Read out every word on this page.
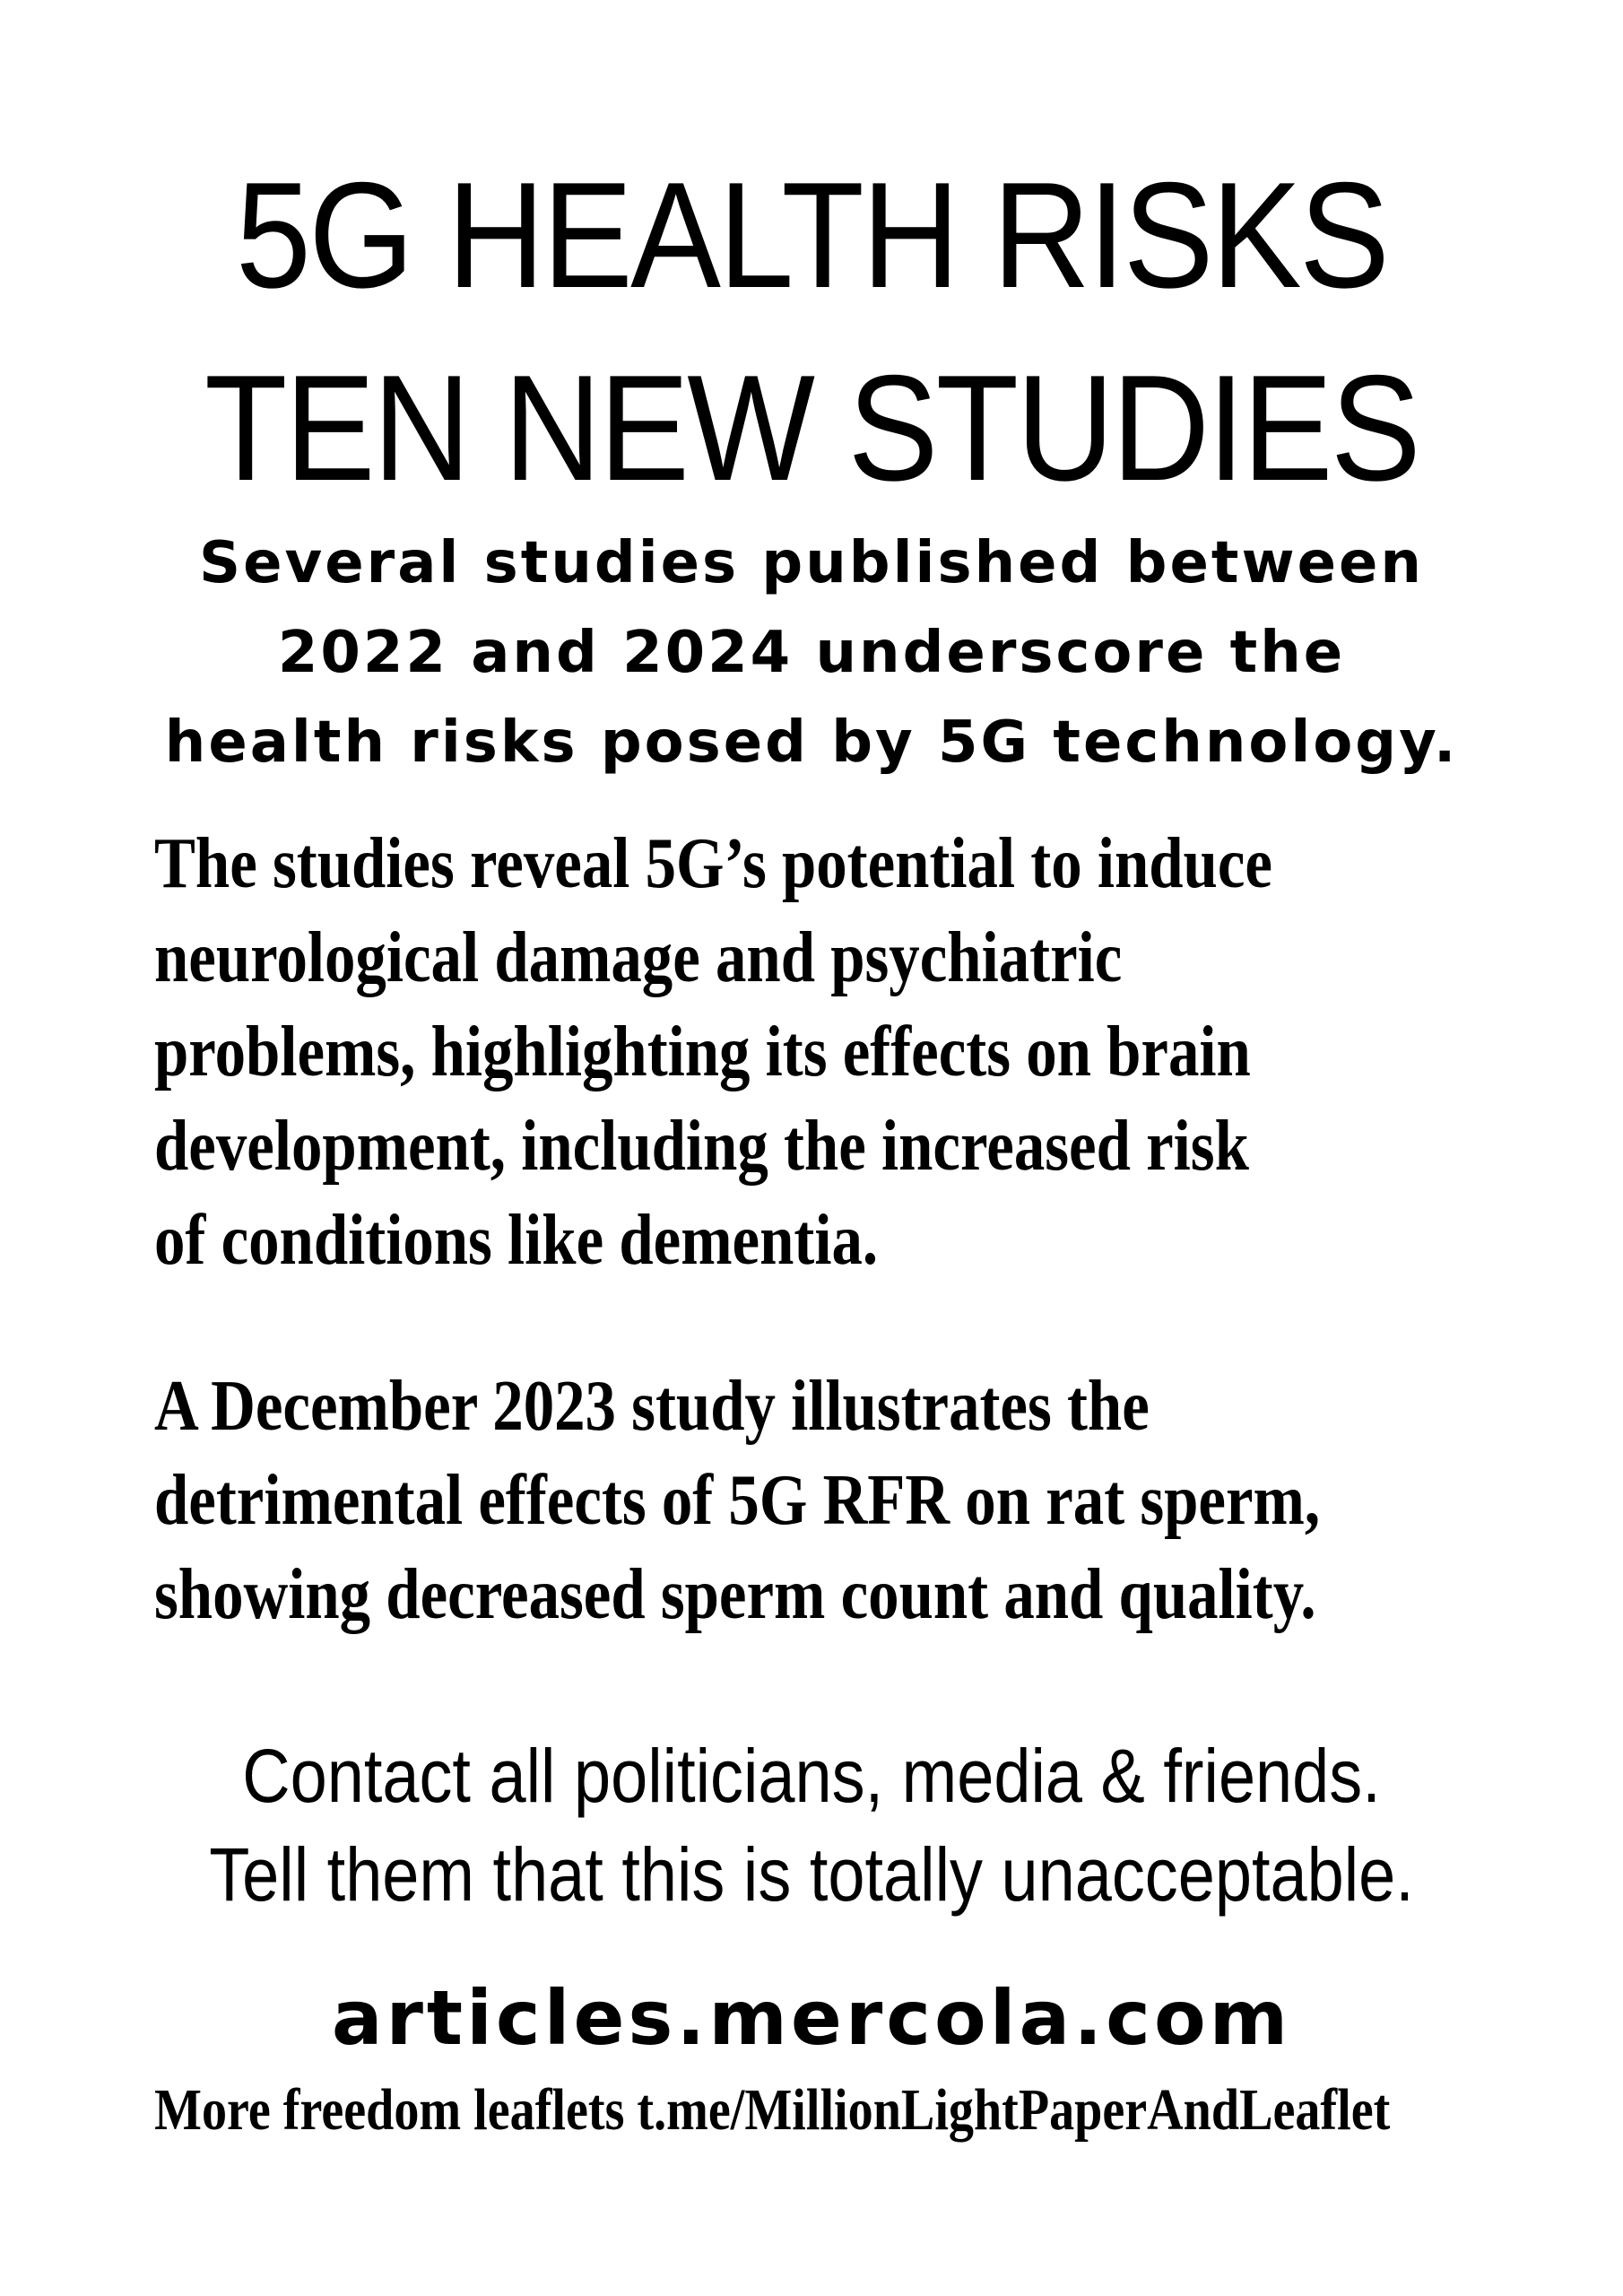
5G HEALTH RISKS
TEN NEW STUDIES
Several studies published between
2022 and 2024 underscore the
health risks posed by 5G technology.
The studies reveal 5G’s potential to induce
neurological damage and psychiatric
problems, highlighting its effects on brain
development, including the increased risk
of conditions like dementia.
A December 2023 study illustrates the
detrimental effects of 5G RFR on rat sperm,
showing decreased sperm count and quality.
Contact all politicians, media & friends.
Tell them that this is totally unacceptable.
articles.mercola.com
More freedom leaflets t.me/MillionLightPaperAndLeaflet
